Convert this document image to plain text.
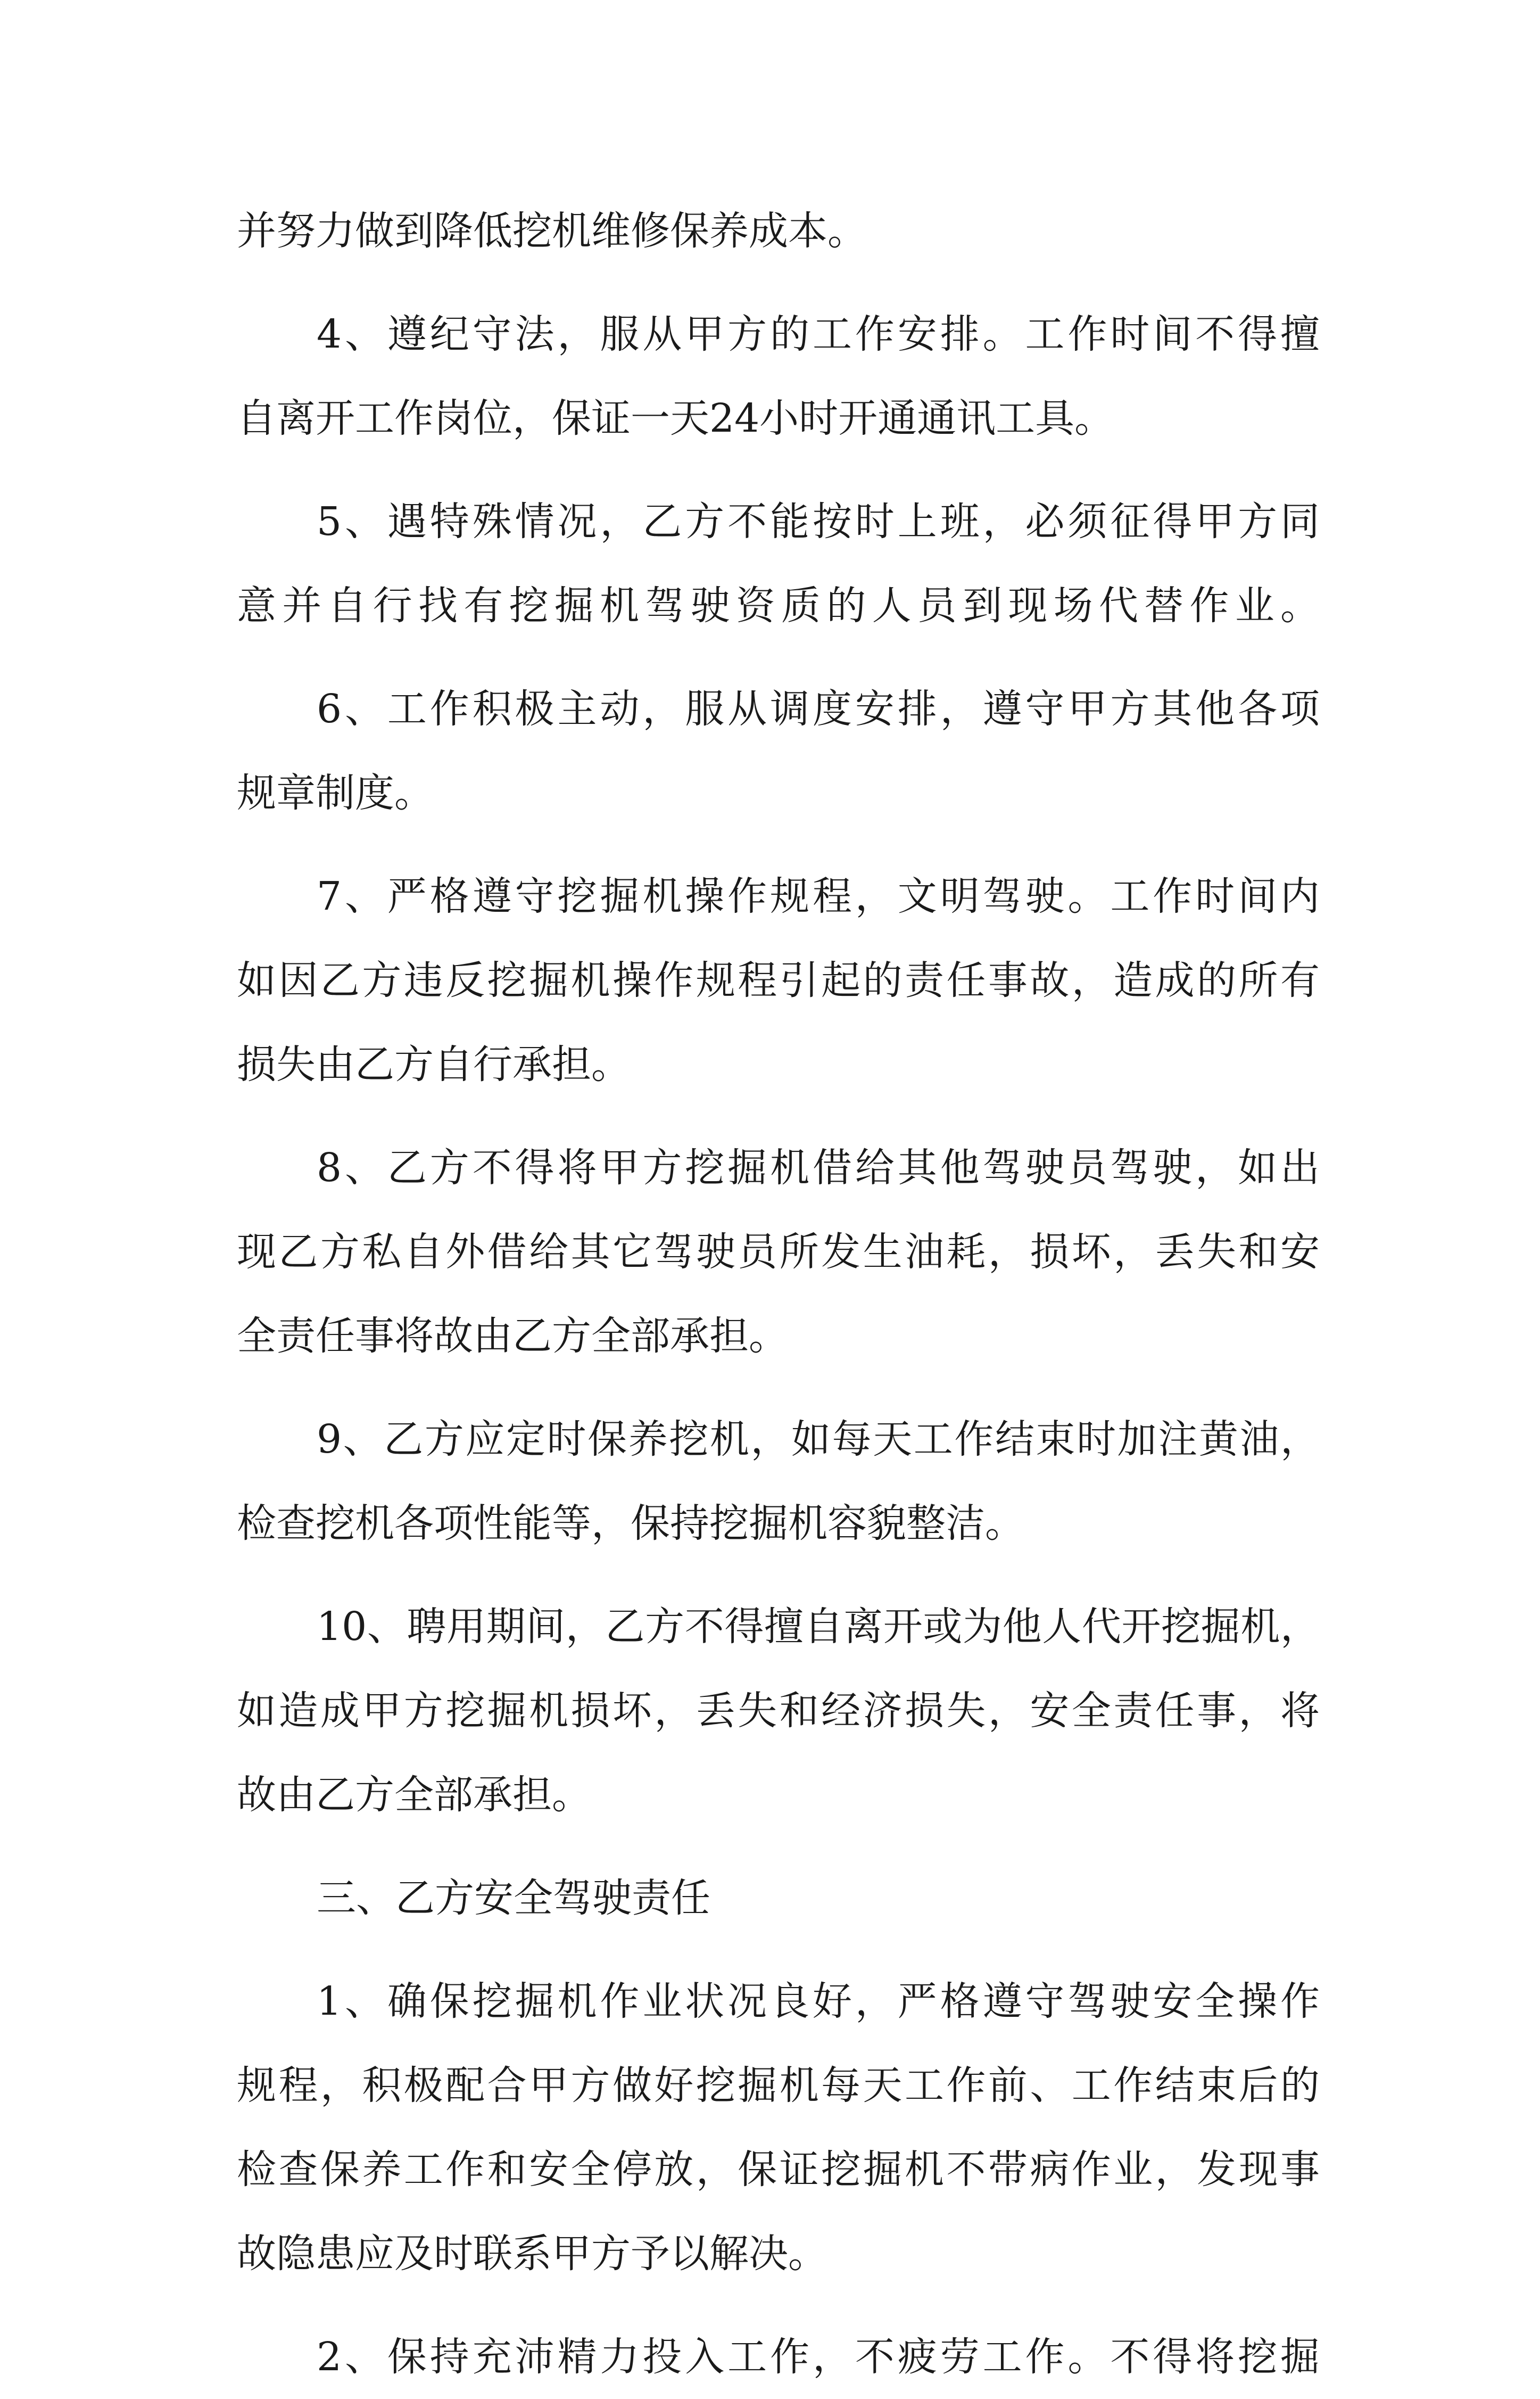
并努力做到降低挖机维修保养成本。
4、遵纪守法，服从甲方的工作安排。工作时间不得擅
自离开工作岗位，保证一天24小时开通通讯工具。
5、遇特殊情况，乙方不能按时上班，必须征得甲方同
意并自行找有挖掘机驾驶资质的人员到现场代替作业。
6、工作积极主动，服从调度安排，遵守甲方其他各项
规章制度。
7、严格遵守挖掘机操作规程，文明驾驶。工作时间内
如因乙方违反挖掘机操作规程引起的责任事故，造成的所有
损失由乙方自行承担。
8、乙方不得将甲方挖掘机借给其他驾驶员驾驶，如出
现乙方私自外借给其它驾驶员所发生油耗，损坏，丢失和安
全责任事将故由乙方全部承担。
9、乙方应定时保养挖机，如每天工作结束时加注黄油，
检查挖机各项性能等，保持挖掘机容貌整洁。
10、聘用期间，乙方不得擅自离开或为他人代开挖掘机，
如造成甲方挖掘机损坏，丢失和经济损失，安全责任事，将
故由乙方全部承担。
三、乙方安全驾驶责任
1、确保挖掘机作业状况良好，严格遵守驾驶安全操作
规程，积极配合甲方做好挖掘机每天工作前、工作结束后的
检查保养工作和安全停放，保证挖掘机不带病作业，发现事
故隐患应及时联系甲方予以解决。
2、保持充沛精力投入工作，不疲劳工作。不得将挖掘
